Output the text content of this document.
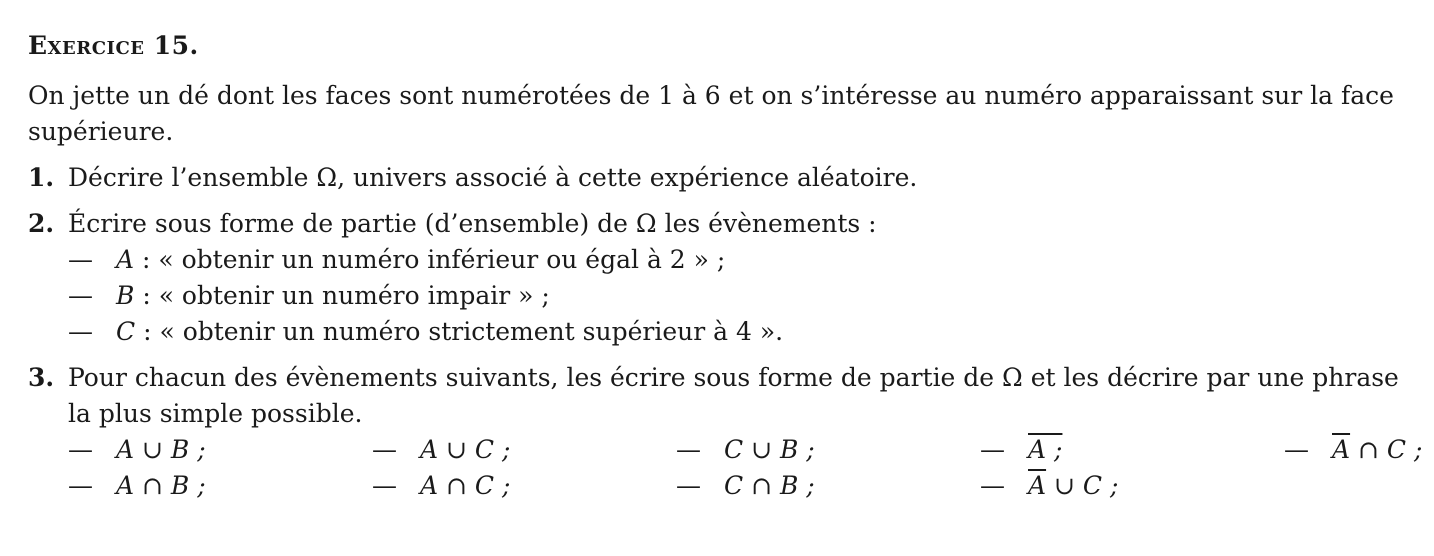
Exercice 15.
On jette un dé dont les faces sont numérotées de 1 à 6 et on s’intéresse au numéro apparaissant sur la face supérieure.
1. Décrire l’ensemble Ω, univers associé à cette expérience aléatoire.
2. Écrire sous forme de partie (d’ensemble) de Ω les évènements :
— A : « obtenir un numéro inférieur ou égal à 2 » ;
— B : « obtenir un numéro impair » ;
— C : « obtenir un numéro strictement supérieur à 4 ».
3. Pour chacun des évènements suivants, les écrire sous forme de partie de Ω et les décrire par une phrase la plus simple possible.
— A ∪ B ;	— A ∪ C ;	— C ∪ B ;	— A ;	— $\overline{A}$ ∩ C ;
— A ∩ B ;	— A ∩ C ;	— C ∩ B ;	— $\overline{A}$ ∪ C ;
